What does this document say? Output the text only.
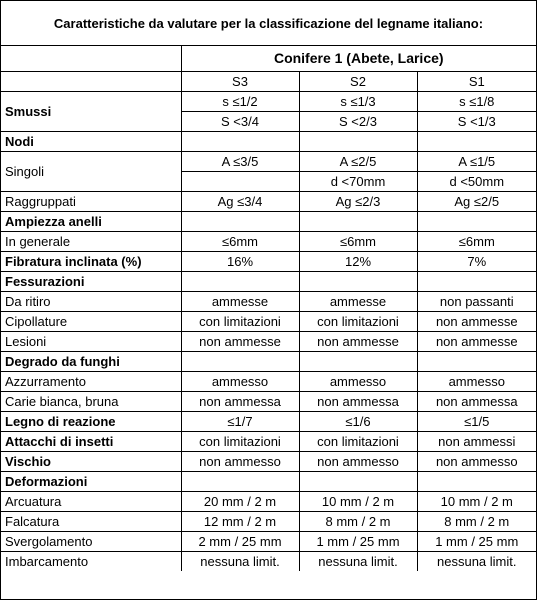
Caratteristiche da valutare per la classificazione del legname italiano:
	Conifere 1 (Abete, Larice)		
	S3	S2	S1
Smussi	s ≤1/2	s ≤1/3	s ≤1/8
	S <3/4	S <2/3	S <1/3
Nodi			
Singoli	A ≤3/5	A ≤2/5	A ≤1/5
		d <70mm	d <50mm
Raggruppati	Ag ≤3/4	Ag ≤2/3	Ag ≤2/5
Ampiezza anelli			
In generale	≤6mm	≤6mm	≤6mm
Fibratura inclinata (%)	16%	12%	7%
Fessurazioni			
Da ritiro	ammesse	ammesse	non passanti
Cipollature	con limitazioni	con limitazioni	non ammesse
Lesioni	non ammesse	non ammesse	non ammesse
Degrado da funghi			
Azzurramento	ammesso	ammesso	ammesso
Carie bianca, bruna	non ammessa	non ammessa	non ammessa
Legno di reazione	≤1/7	≤1/6	≤1/5
Attacchi di insetti	con limitazioni	con limitazioni	non ammessi
Vischio	non ammesso	non ammesso	non ammesso
Deformazioni			
Arcuatura	20 mm / 2 m	10 mm / 2 m	10 mm / 2 m
Falcatura	12 mm / 2 m	8 mm / 2 m	8 mm / 2 m
Svergolamento	2 mm / 25 mm	1 mm / 25 mm	1 mm / 25 mm
Imbarcamento	nessuna limit.	nessuna limit.	nessuna limit.
